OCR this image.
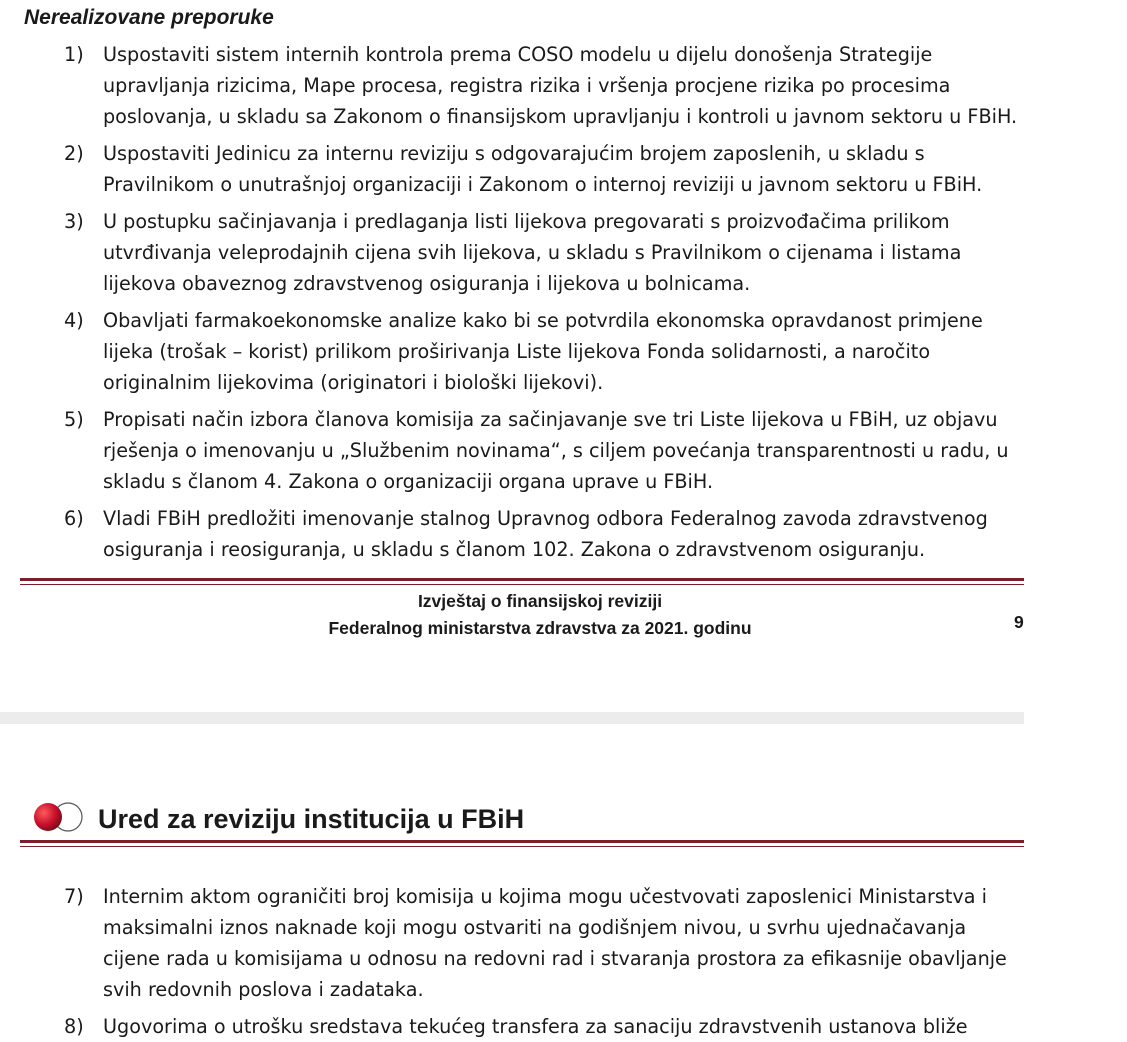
Nerealizovane preporuke
1) Uspostaviti sistem internih kontrola prema COSO modelu u dijelu donošenja Strategije
upravljanja rizicima, Mape procesa, registra rizika i vršenja procjene rizika po procesima
poslovanja, u skladu sa Zakonom o finansijskom upravljanju i kontroli u javnom sektoru u FBiH.
2) Uspostaviti Jedinicu za internu reviziju s odgovarajućim brojem zaposlenih, u skladu s
Pravilnikom o unutrašnjoj organizaciji i Zakonom o internoj reviziji u javnom sektoru u FBiH.
3) U postupku sačinjavanja i predlaganja listi lijekova pregovarati s proizvođačima prilikom
utvrđivanja veleprodajnih cijena svih lijekova, u skladu s Pravilnikom o cijenama i listama
lijekova obaveznog zdravstvenog osiguranja i lijekova u bolnicama.
4) Obavljati farmakoekonomske analize kako bi se potvrdila ekonomska opravdanost primjene
lijeka (trošak – korist) prilikom proširivanja Liste lijekova Fonda solidarnosti, a naročito
originalnim lijekovima (originatori i biološki lijekovi).
5) Propisati način izbora članova komisija za sačinjavanje sve tri Liste lijekova u FBiH, uz objavu
rješenja o imenovanju u „Službenim novinama“, s ciljem povećanja transparentnosti u radu, u
skladu s članom 4. Zakona o organizaciji organa uprave u FBiH.
6) Vladi FBiH predložiti imenovanje stalnog Upravnog odbora Federalnog zavoda zdravstvenog
osiguranja i reosiguranja, u skladu s članom 102. Zakona o zdravstvenom osiguranju.
Izvještaj o finansijskoj reviziji
Federalnog ministarstva zdravstva za 2021. godinu	9
Ured za reviziju institucija u FBiH
7) Internim aktom ograničiti broj komisija u kojima mogu učestvovati zaposlenici Ministarstva i
maksimalni iznos naknade koji mogu ostvariti na godišnjem nivou, u svrhu ujednačavanja
cijene rada u komisijama u odnosu na redovni rad i stvaranja prostora za efikasnije obavljanje
svih redovnih poslova i zadataka.
8) Ugovorima o utrošku sredstava tekućeg transfera za sanaciju zdravstvenih ustanova bliže
